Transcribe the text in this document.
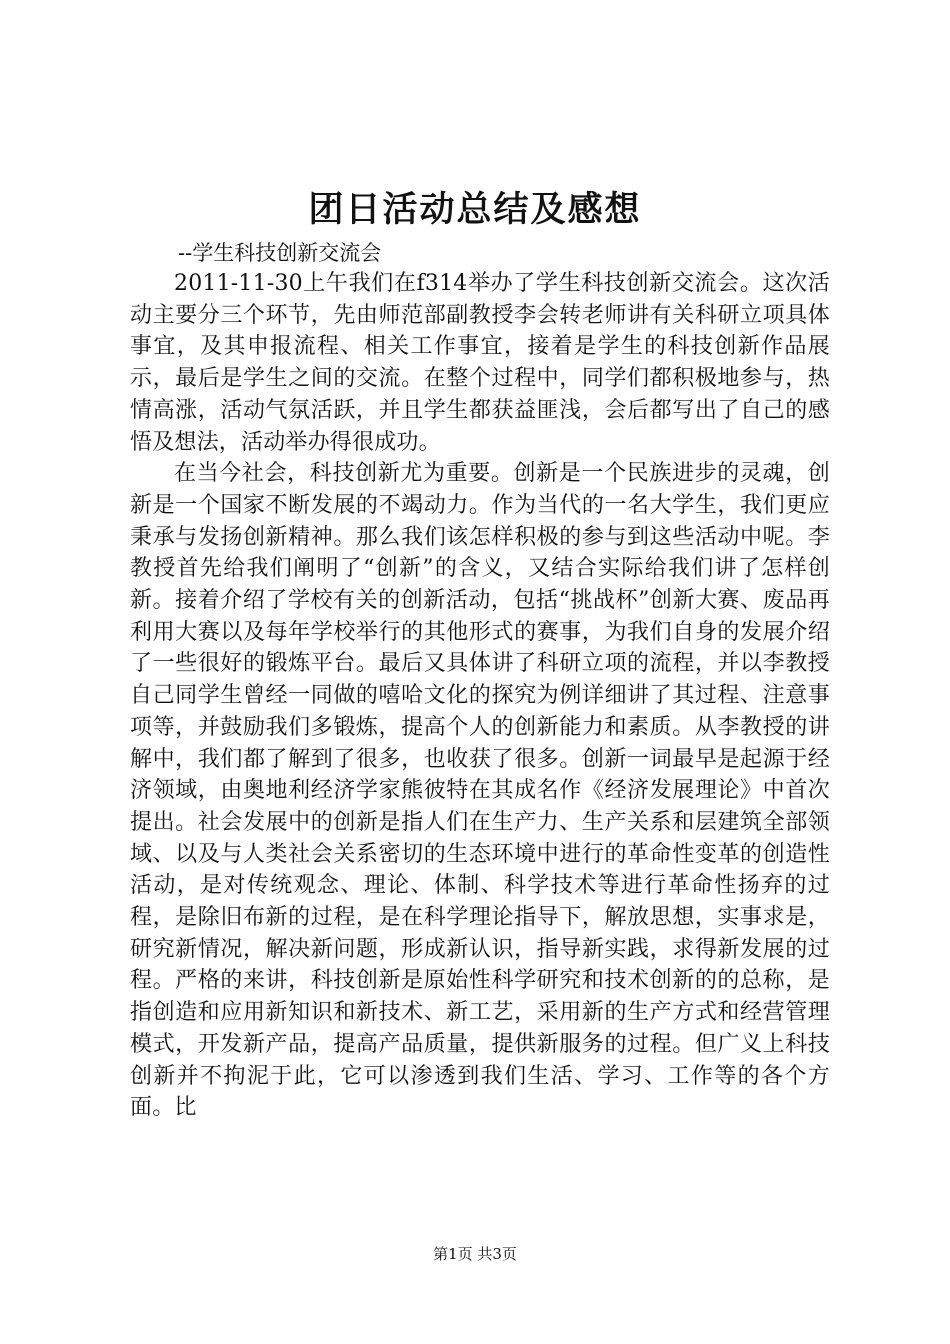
团日活动总结及感想

--学生科技创新交流会

2011-11-30上午我们在f314举办了学生科技创新交流会。这次活动主要分三个环节，先由师范部副教授李会转老师讲有关科研立项具体事宜，及其申报流程、相关工作事宜，接着是学生的科技创新作品展示，最后是学生之间的交流。在整个过程中，同学们都积极地参与，热情高涨，活动气氛活跃，并且学生都获益匪浅，会后都写出了自己的感悟及想法，活动举办得很成功。

在当今社会，科技创新尤为重要。创新是一个民族进步的灵魂，创新是一个国家不断发展的不竭动力。作为当代的一名大学生，我们更应秉承与发扬创新精神。那么我们该怎样积极的参与到这些活动中呢。李教授首先给我们阐明了“创新”的含义，又结合实际给我们讲了怎样创新。接着介绍了学校有关的创新活动，包括“挑战杯”创新大赛、废品再利用大赛以及每年学校举行的其他形式的赛事，为我们自身的发展介绍了一些很好的锻炼平台。最后又具体讲了科研立项的流程，并以李教授自己同学生曾经一同做的嘻哈文化的探究为例详细讲了其过程、注意事项等，并鼓励我们多锻炼，提高个人的创新能力和素质。从李教授的讲解中，我们都了解到了很多，也收获了很多。创新一词最早是起源于经济领域，由奥地利经济学家熊彼特在其成名作《经济发展理论》中首次提出。社会发展中的创新是指人们在生产力、生产关系和层建筑全部领域、以及与人类社会关系密切的生态环境中进行的革命性变革的创造性活动，是对传统观念、理论、体制、科学技术等进行革命性扬弃的过程，是除旧布新的过程，是在科学理论指导下，解放思想，实事求是，研究新情况，解决新问题，形成新认识，指导新实践，求得新发展的过程。严格的来讲，科技创新是原始性科学研究和技术创新的的总称，是指创造和应用新知识和新技术、新工艺，采用新的生产方式和经营管理模式，开发新产品，提高产品质量，提供新服务的过程。但广义上科技创新并不拘泥于此，它可以渗透到我们生活、学习、工作等的各个方面。比

第1页 共3页
